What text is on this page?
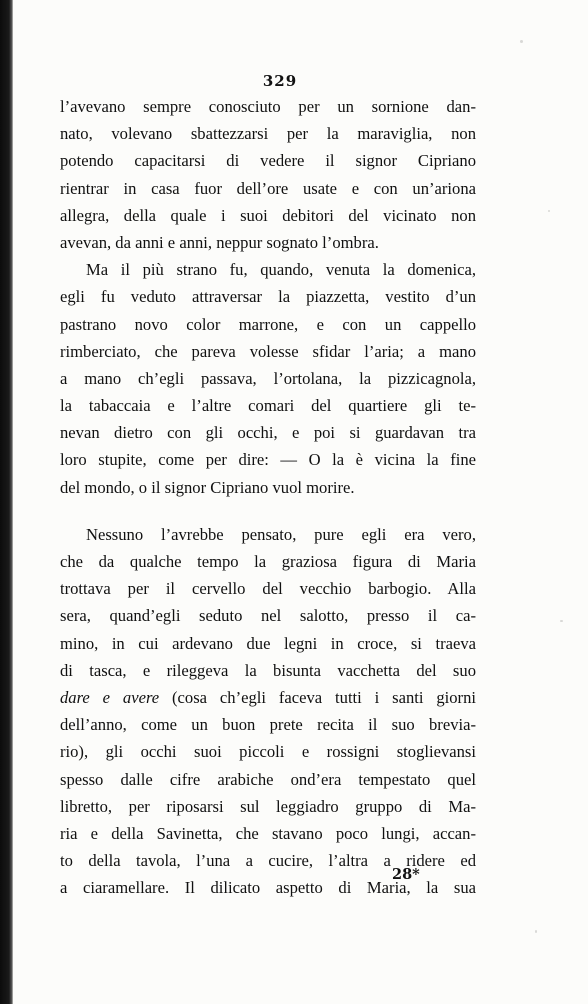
329
l’avevano sempre conosciuto per un sornione dan-
nato, volevano sbattezzarsi per la maraviglia, non
potendo capacitarsi di vedere il signor Cipriano
rientrar in casa fuor dell’ore usate e con un’ariona
allegra, della quale i suoi debitori del vicinato non
avevan, da anni e anni, neppur sognato l’ombra.
Ma il più strano fu, quando, venuta la domenica,
egli fu veduto attraversar la piazzetta, vestito d’un
pastrano novo color marrone, e con un cappello
rimberciato, che pareva volesse sfidar l’aria; a mano
a mano ch’egli passava, l’ortolana, la pizzicagnola,
la tabaccaia e l’altre comari del quartiere gli te-
nevan dietro con gli occhi, e poi si guardavan tra
loro stupite, come per dire: — O la è vicina la fine
del mondo, o il signor Cipriano vuol morire.
Nessuno l’avrebbe pensato, pure egli era vero,
che da qualche tempo la graziosa figura di Maria
trottava per il cervello del vecchio barbogio. Alla
sera, quand’egli seduto nel salotto, presso il ca-
mino, in cui ardevano due legni in croce, si traeva
di tasca, e rileggeva la bisunta vacchetta del suo
dare e avere (cosa ch’egli faceva tutti i santi giorni
dell’anno, come un buon prete recita il suo brevia-
rio), gli occhi suoi piccoli e rossigni stoglievansi
spesso dalle cifre arabiche ond’era tempestato quel
libretto, per riposarsi sul leggiadro gruppo di Ma-
ria e della Savinetta, che stavano poco lungi, accan-
to della tavola, l’una a cucire, l’altra a ridere ed
a ciaramellare. Il dilicato aspetto di Maria, la sua
28*
